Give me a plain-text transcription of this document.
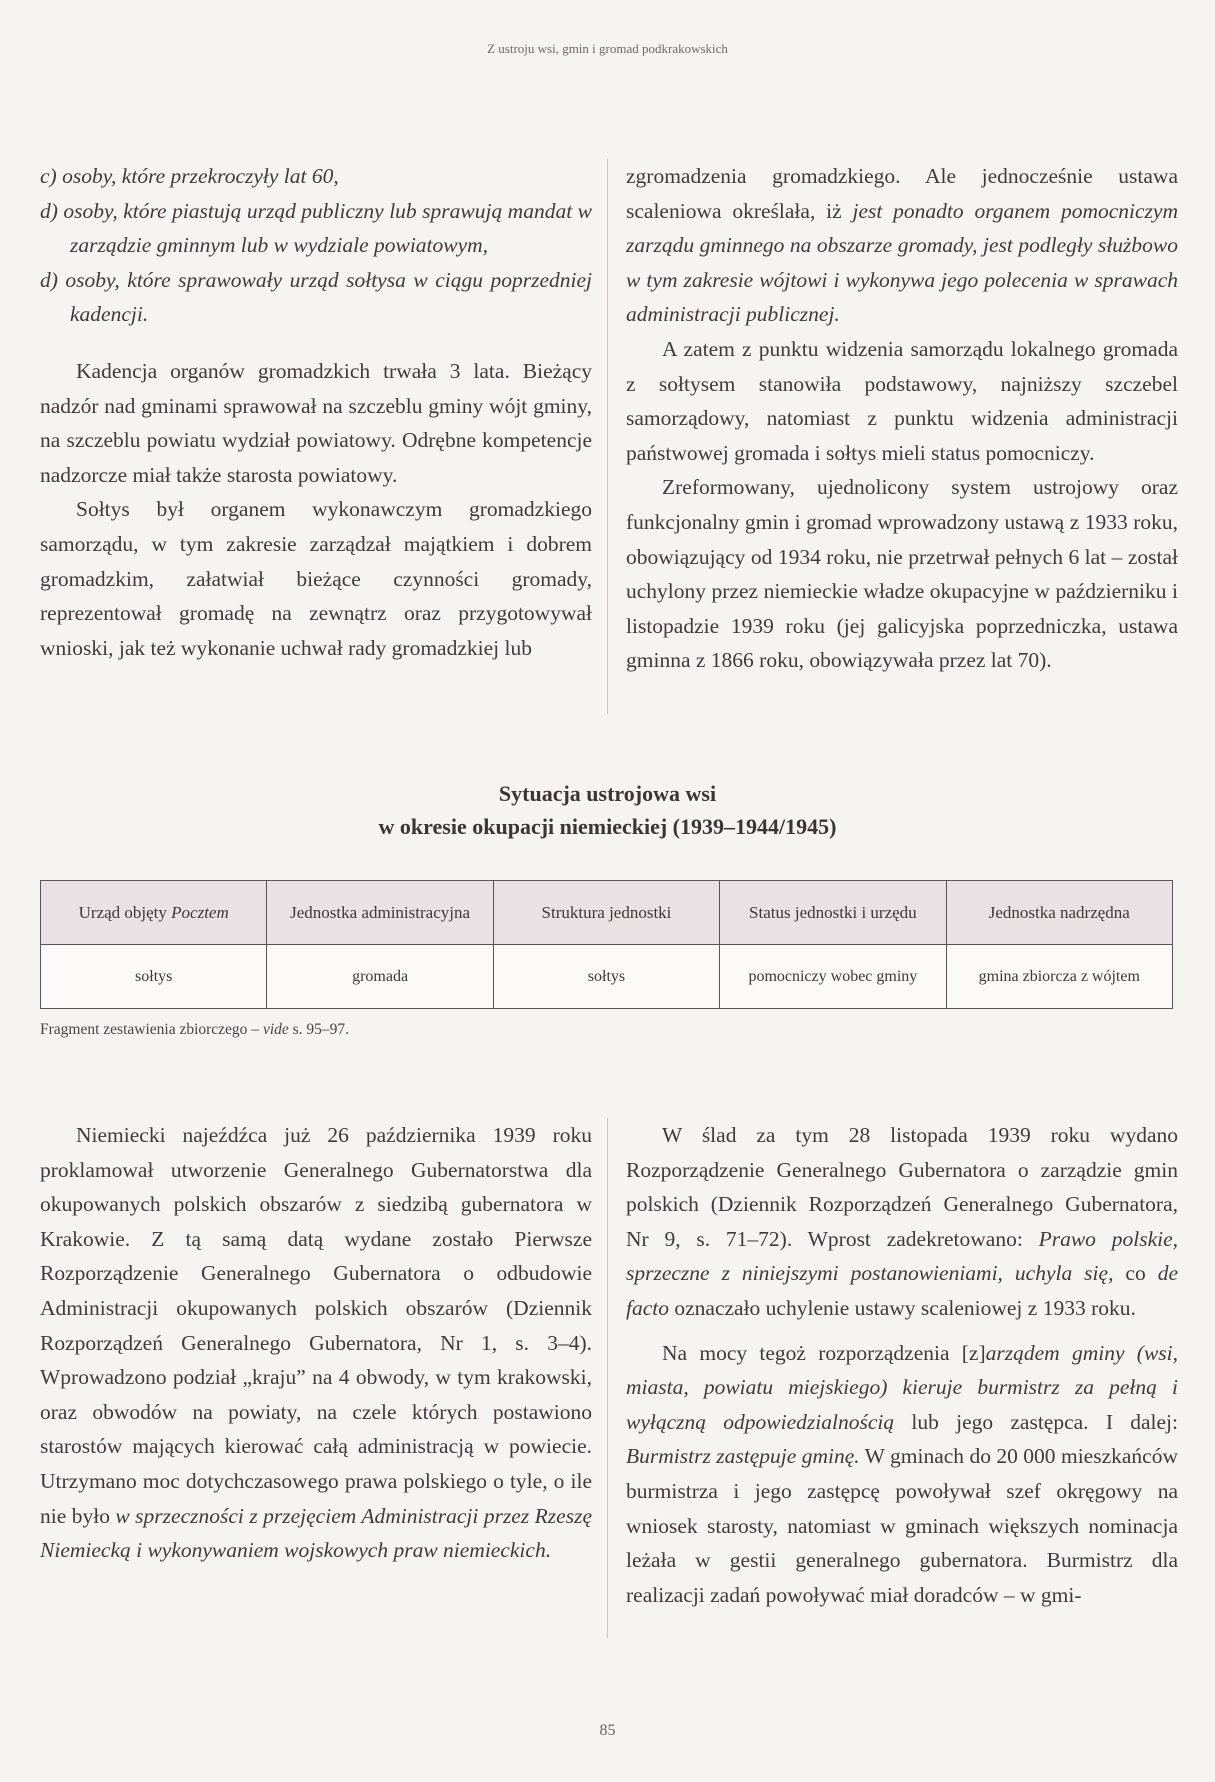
Z ustroju wsi, gmin i gromad podkrakowskich

c) osoby, które przekroczyły lat 60,

d) osoby, które piastują urząd publiczny lub sprawują mandat w zarządzie gminnym lub w wydziale powiatowym,

d) osoby, które sprawowały urząd sołtysa w ciągu poprzedniej kadencji.

Kadencja organów gromadzkich trwała 3 lata. Bieżący nadzór nad gminami sprawował na szczeblu gminy wójt gminy, na szczeblu powiatu wydział powiatowy. Odrębne kompetencje nadzorcze miał także starosta powiatowy.

Sołtys był organem wykonawczym gromadzkiego samorządu, w tym zakresie zarządzał majątkiem i dobrem gromadzkim, załatwiał bieżące czynności gromady, reprezentował gromadę na zewnątrz oraz przygotowywał wnioski, jak też wykonanie uchwał rady gromadzkiej lub

zgromadzenia gromadzkiego. Ale jednocześnie ustawa scaleniowa określała, iż jest ponadto organem pomocniczym zarządu gminnego na obszarze gromady, jest podległy służbowo w tym zakresie wójtowi i wykonywa jego polecenia w sprawach administracji publicznej.

A zatem z punktu widzenia samorządu lokalnego gromada z sołtysem stanowiła podstawowy, najniższy szczebel samorządowy, natomiast z punktu widzenia administracji państwowej gromada i sołtys mieli status pomocniczy.

Zreformowany, ujednolicony system ustrojowy oraz funkcjonalny gmin i gromad wprowadzony ustawą z 1933 roku, obowiązujący od 1934 roku, nie przetrwał pełnych 6 lat – został uchylony przez niemieckie władze okupacyjne w październiku i listopadzie 1939 roku (jej galicyjska poprzedniczka, ustawa gminna z 1866 roku, obowiązywała przez lat 70).

Sytuacja ustrojowa wsi
w okresie okupacji niemieckiej (1939–1944/1945)
Urząd objęty Pocztem	Jednostka administracyjna	Struktura jednostki	Status jednostki i urzędu	Jednostka nadrzędna
sołtys	gromada	sołtys	pomocniczy wobec gminy	gmina zbiorcza z wójtem
Fragment zestawienia zbiorczego – vide s. 95–97.

Niemiecki najeźdźca już 26 października 1939 roku proklamował utworzenie Generalnego Gubernatorstwa dla okupowanych polskich obszarów z siedzibą gubernatora w Krakowie. Z tą samą datą wydane zostało Pierwsze Rozporządzenie Generalnego Gubernatora o odbudowie Administracji okupowanych polskich obszarów (Dziennik Rozporządzeń Generalnego Gubernatora, Nr 1, s. 3–4). Wprowadzono podział „kraju” na 4 obwody, w tym krakowski, oraz obwodów na powiaty, na czele których postawiono starostów mających kierować całą administracją w powiecie. Utrzymano moc dotychczasowego prawa polskiego o tyle, o ile nie było w sprzeczności z przejęciem Administracji przez Rzeszę Niemiecką i wykonywaniem wojskowych praw niemieckich.

W ślad za tym 28 listopada 1939 roku wydano Rozporządzenie Generalnego Gubernatora o zarządzie gmin polskich (Dziennik Rozporządzeń Generalnego Gubernatora, Nr 9, s. 71–72). Wprost zadekretowano: Prawo polskie, sprzeczne z niniejszymi postanowieniami, uchyla się, co de facto oznaczało uchylenie ustawy scaleniowej z 1933 roku.

Na mocy tegoż rozporządzenia [z]arządem gminy (wsi, miasta, powiatu miejskiego) kieruje burmistrz za pełną i wyłączną odpowiedzialnością lub jego zastępca. I dalej: Burmistrz zastępuje gminę. W gminach do 20 000 mieszkańców burmistrza i jego zastępcę powoływał szef okręgowy na wniosek starosty, natomiast w gminach większych nominacja leżała w gestii generalnego gubernatora. Burmistrz dla realizacji zadań powoływać miał doradców – w gmi-

85
